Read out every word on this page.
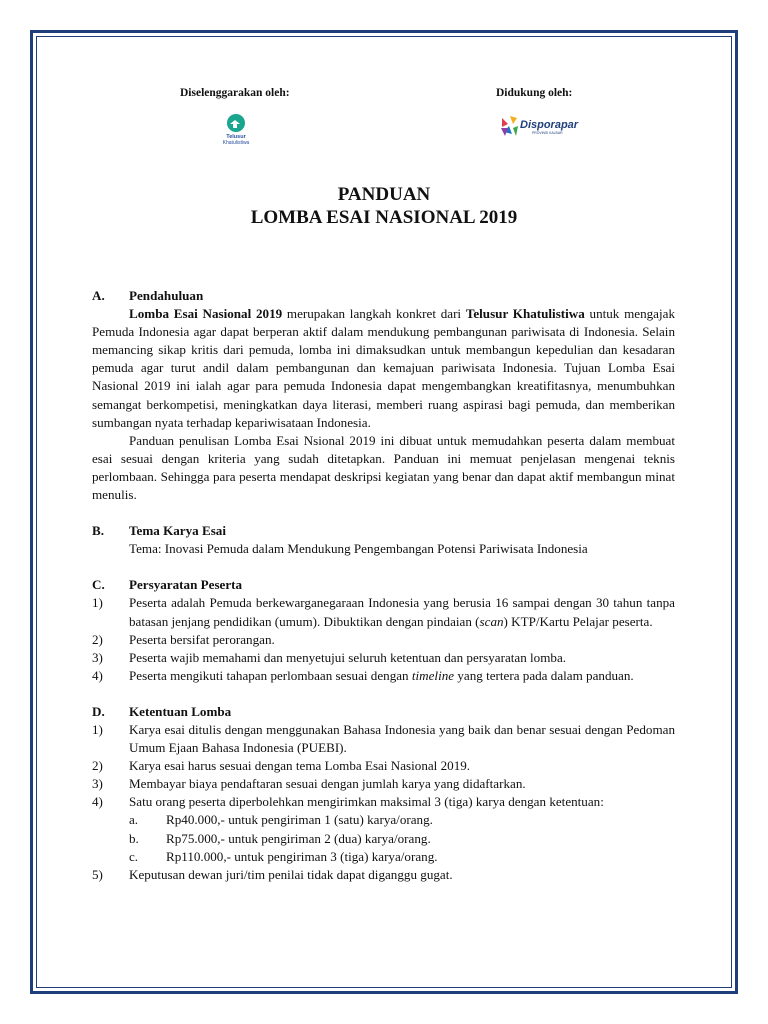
Diselenggarakan oleh:	Didukung oleh:
Telusur
Khatulistiwa
Disporapar
PROVINSI KALBAR
PANDUAN
LOMBA ESAI NASIONAL 2019
A.	Pendahuluan
Lomba Esai Nasional 2019 merupakan langkah konkret dari Telusur Khatulistiwa untuk mengajak Pemuda Indonesia agar dapat berperan aktif dalam mendukung pembangunan pariwisata di Indonesia. Selain memancing sikap kritis dari pemuda, lomba ini dimaksudkan untuk membangun kepedulian dan kesadaran pemuda agar turut andil dalam pembangunan dan kemajuan pariwisata Indonesia. Tujuan Lomba Esai Nasional 2019 ini ialah agar para pemuda Indonesia dapat mengembangkan kreatifitasnya, menumbuhkan semangat berkompetisi, meningkatkan daya literasi, memberi ruang aspirasi bagi pemuda, dan memberikan sumbangan nyata terhadap kepariwisataan Indonesia.
Panduan penulisan Lomba Esai Nsional 2019 ini dibuat untuk memudahkan peserta dalam membuat esai sesuai dengan kriteria yang sudah ditetapkan. Panduan ini memuat penjelasan mengenai teknis perlombaan. Sehingga para peserta mendapat deskripsi kegiatan yang benar dan dapat aktif membangun minat menulis.
B.	Tema Karya Esai
Tema: Inovasi Pemuda dalam Mendukung Pengembangan Potensi Pariwisata Indonesia
C.	Persyaratan Peserta
1)	Peserta adalah Pemuda berkewarganegaraan Indonesia yang berusia 16 sampai dengan 30 tahun tanpa batasan jenjang pendidikan (umum). Dibuktikan dengan pindaian (scan) KTP/Kartu Pelajar peserta.
2)	Peserta bersifat perorangan.
3)	Peserta wajib memahami dan menyetujui seluruh ketentuan dan persyaratan lomba.
4)	Peserta mengikuti tahapan perlombaan sesuai dengan timeline yang tertera pada dalam panduan.
D.	Ketentuan Lomba
1)	Karya esai ditulis dengan menggunakan Bahasa Indonesia yang baik dan benar sesuai dengan Pedoman Umum Ejaan Bahasa Indonesia (PUEBI).
2)	Karya esai harus sesuai dengan tema Lomba Esai Nasional 2019.
3)	Membayar biaya pendaftaran sesuai dengan jumlah karya yang didaftarkan.
4)	Satu orang peserta diperbolehkan mengirimkan maksimal 3 (tiga) karya dengan ketentuan:
a.	Rp40.000,- untuk pengiriman 1 (satu) karya/orang.
b.	Rp75.000,- untuk pengiriman 2 (dua) karya/orang.
c.	Rp110.000,- untuk pengiriman 3 (tiga) karya/orang.
5)	Keputusan dewan juri/tim penilai tidak dapat diganggu gugat.
